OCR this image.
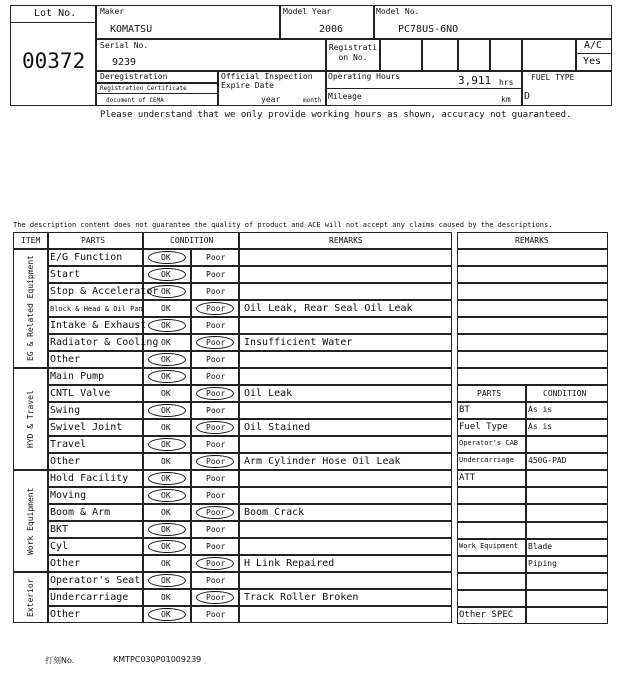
Lot No.
00372
Maker
KOMATSU
Model Year
2006
Model No.
PC78US-6NO
Serial No.
9239
Registrati on No.
A/C
Yes
Deregistration
Registration Certificate
document of CEMA
Official Inspection Expire Date
year	month
Operating Hours	3,911 hrs
Mileage	km
FUEL TYPE
D
Please understand that we only provide working hours as shown, accuracy not guaranteed.
The description content does not guarantee the quality of product and ACE will not accept any claims caused by the descriptions.
ITEM	PARTS	CONDITION	REMARKS
EG & Related Equipment	E/G Function	OK	Poor
Start	OK	Poor
Stop & Accelerator OK	Poor
Block & Head & Oil Pan OK	Poor Oil Leak, Rear Seal Oil Leak
Intake & Exhaust OK	Poor
Radiator & Cooling OK	Poor Insufficient Water
Other	OK	Poor
HYD & Travel
Main Pump	OK	Poor
CNTL Valve	OK	Poor Oil Leak
Swing	OK	Poor
Swivel Joint	OK	Poor Oil Stained
Travel	OK	Poor
Other	OK	Poor Arm Cylinder Hose Oil Leak
Work Equipment
Hold Facility	OK	Poor
Moving	OK	Poor
Boom & Arm	OK	Poor Boom Crack
BKT	OK	Poor
Cyl	OK	Poor
Other	OK	Poor H Link Repaired
Exterior	Operator's Seat	OK	Poor
Undercarriage	OK	Poor Track Roller Broken
Other	OK	Poor
REMARKS
PARTS	CONDITION
BT	As is
Fuel Type	As is
Operator's CAB
Undercarriage 450G-PAD
ATT
Work Equipment Blade
Piping
Other SPEC
打刻No.	KMTPC030P01009239
